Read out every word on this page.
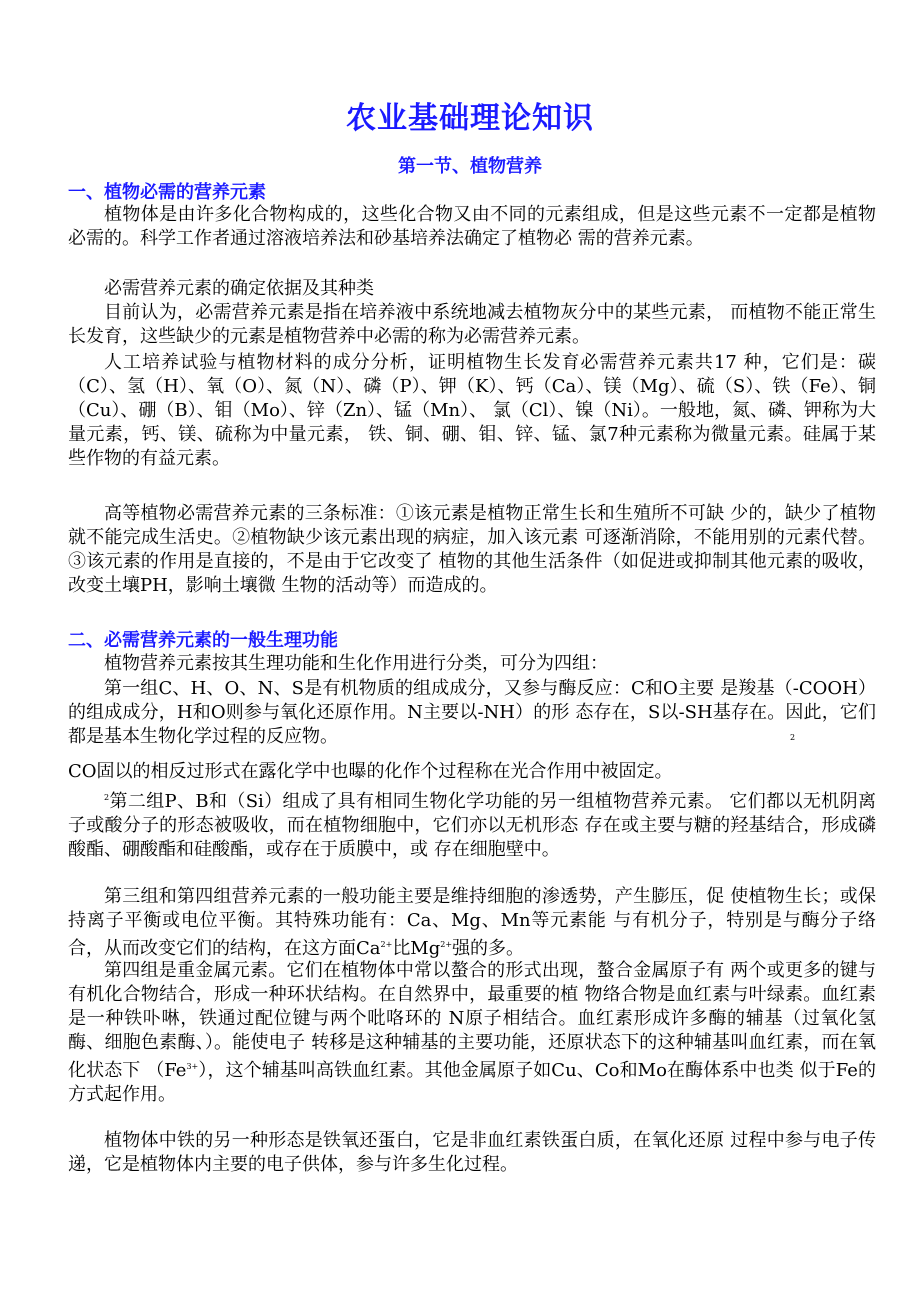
农业基础理论知识
第一节、植物营养
一、植物必需的营养元素
植物体是由许多化合物构成的，这些化合物又由不同的元素组成，但是这些元素不一定都是植物必需的。科学工作者通过溶液培养法和砂基培养法确定了植物必 需的营养元素。
必需营养元素的确定依据及其种类
目前认为，必需营养元素是指在培养液中系统地减去植物灰分中的某些元素， 而植物不能正常生长发育，这些缺少的元素是植物营养中必需的称为必需营养元素。
人工培养试验与植物材料的成分分析，证明植物生长发育必需营养元素共17 种，它们是：碳（C）、氢（H）、氧（O）、氮（N）、磷（P）、钾（K）、钙（Ca）、镁（Mg）、硫（S）、铁（Fe）、铜（Cu）、硼（B）、钼（Mo）、锌（Zn）、锰（Mn）、 氯（Cl）、镍（Ni）。一般地，氮、磷、钾称为大量元素，钙、镁、硫称为中量元素， 铁、铜、硼、钼、锌、锰、氯7种元素称为微量元素。硅属于某些作物的有益元素。
高等植物必需营养元素的三条标准：①该元素是植物正常生长和生殖所不可缺 少的，缺少了植物就不能完成生活史。②植物缺少该元素出现的病症，加入该元素 可逐渐消除，不能用别的元素代替。③该元素的作用是直接的，不是由于它改变了 植物的其他生活条件（如促进或抑制其他元素的吸收，改变土壤PH，影响土壤微 生物的活动等）而造成的。
二、必需营养元素的一般生理功能
植物营养元素按其生理功能和生化作用进行分类，可分为四组：
第一组C、H、O、N、S是有机物质的组成成分，又参与酶反应：C和O主要 是羧基（-COOH）的组成成分，H和O则参与氧化还原作用。N主要以-NH）的形 态存在，S以-SH基存在。因此，它们都是基本生物化学过程的反应物。	2
CO固以的相反过形式在露化学中也曝的化作个过程称在光合作用中被固定。
$^2$第二组P、B和（Si）组成了具有相同生物化学功能的另一组植物营养元素。 它们都以无机阴离子或酸分子的形态被吸收，而在植物细胞中，它们亦以无机形态 存在或主要与糖的羟基结合，形成磷酸酯、硼酸酯和硅酸酯，或存在于质膜中，或 存在细胞壁中。
第三组和第四组营养元素的一般功能主要是维持细胞的渗透势，产生膨压，促 使植物生长；或保持离子平衡或电位平衡。其特殊功能有：Ca、Mg、Mn等元素能 与有机分子，特别是与酶分子络合，从而改变它们的结构，在这方面$Ca^{2+}$比$Mg^{2+}$强的多。
第四组是重金属元素。它们在植物体中常以螯合的形式出现，螯合金属原子有 两个或更多的键与有机化合物结合，形成一种环状结构。在自然界中，最重要的植 物络合物是血红素与叶绿素。血红素是一种铁卟啉，铁通过配位键与两个吡咯环的 N原子相结合。血红素形成许多酶的辅基（过氧化氢酶、细胞色素酶、）。能使电子 转移是这种辅基的主要功能，还原状态下的这种辅基叫血红素，而在氧化状态下 $(Fe^{3+})$，这个辅基叫高铁血红素。其他金属原子如Cu、Co和Mo在酶体系中也类 似于Fe的方式起作用。
植物体中铁的另一种形态是铁氧还蛋白，它是非血红素铁蛋白质，在氧化还原 过程中参与电子传递，它是植物体内主要的电子供体，参与许多生化过程。
